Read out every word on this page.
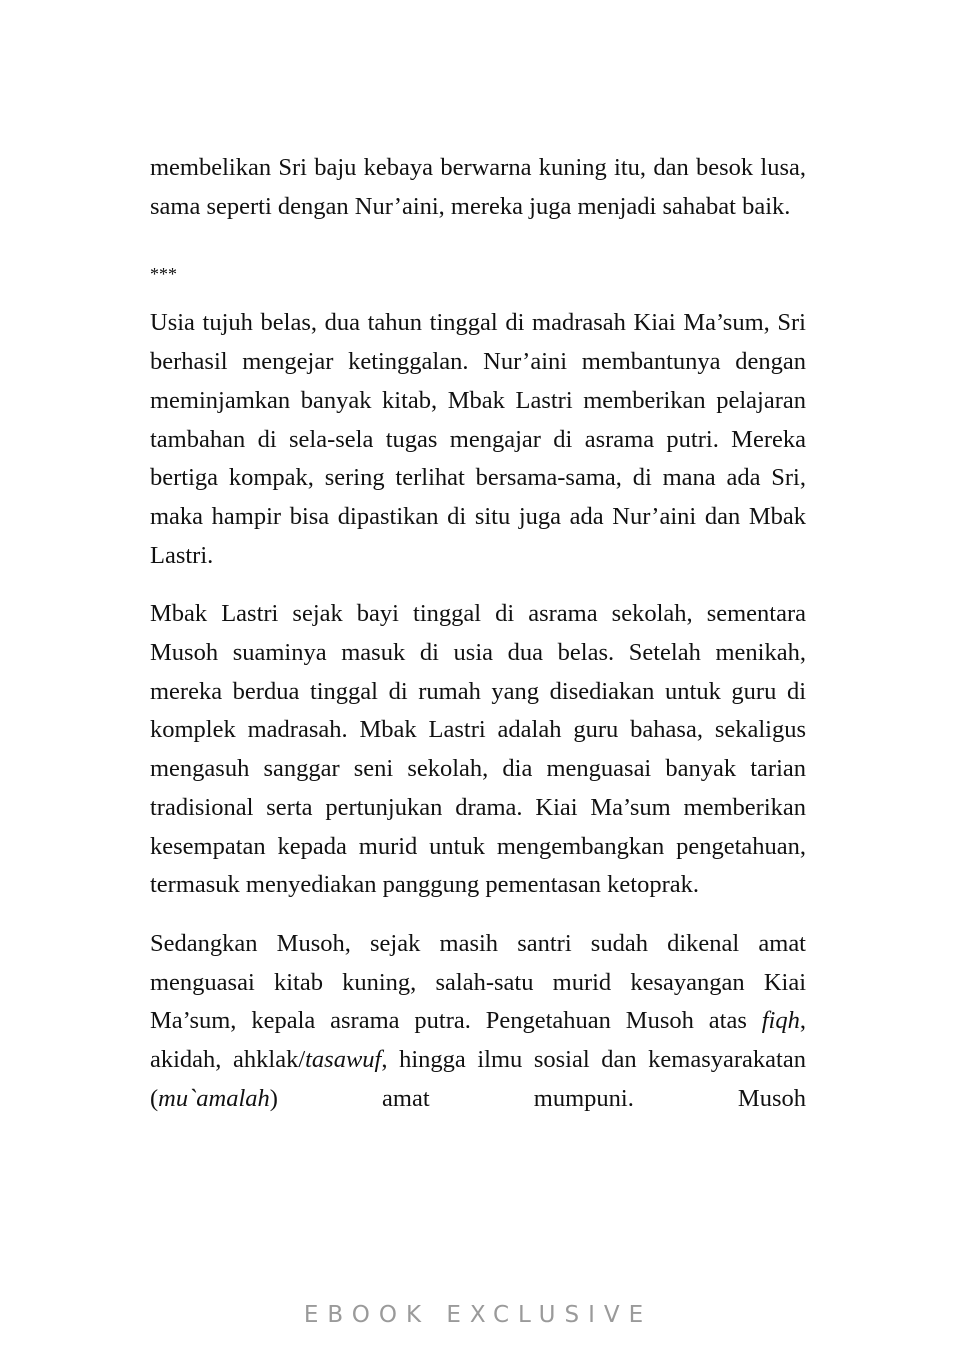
membelikan Sri baju kebaya berwarna kuning itu, dan besok lusa, sama seperti dengan Nur’aini, mereka juga menjadi sahabat baik.

***

Usia tujuh belas, dua tahun tinggal di madrasah Kiai Ma’sum, Sri berhasil mengejar ketinggalan. Nur’aini membantunya dengan meminjamkan banyak kitab, Mbak Lastri memberikan pelajaran tambahan di sela-sela tugas mengajar di asrama putri. Mereka bertiga kompak, sering terlihat bersama-sama, di mana ada Sri, maka hampir bisa dipastikan di situ juga ada Nur’aini dan Mbak Lastri.

Mbak Lastri sejak bayi tinggal di asrama sekolah, sementara Musoh suaminya masuk di usia dua belas. Setelah menikah, mereka berdua tinggal di rumah yang disediakan untuk guru di komplek madrasah. Mbak Lastri adalah guru bahasa, sekaligus mengasuh sanggar seni sekolah, dia menguasai banyak tarian tradisional serta pertunjukan drama. Kiai Ma’sum memberikan kesempatan kepada murid untuk mengembangkan pengetahuan, termasuk menyediakan panggung pementasan ketoprak.

Sedangkan Musoh, sejak masih santri sudah dikenal amat menguasai kitab kuning, salah-satu murid kesayangan Kiai Ma’sum, kepala asrama putra. Pengetahuan Musoh atas fiqh, akidah, ahklak/tasawuf, hingga ilmu sosial dan kemasyarakatan (mu`amalah) amat mumpuni. Musoh

EBOOK EXCLUSIVE
